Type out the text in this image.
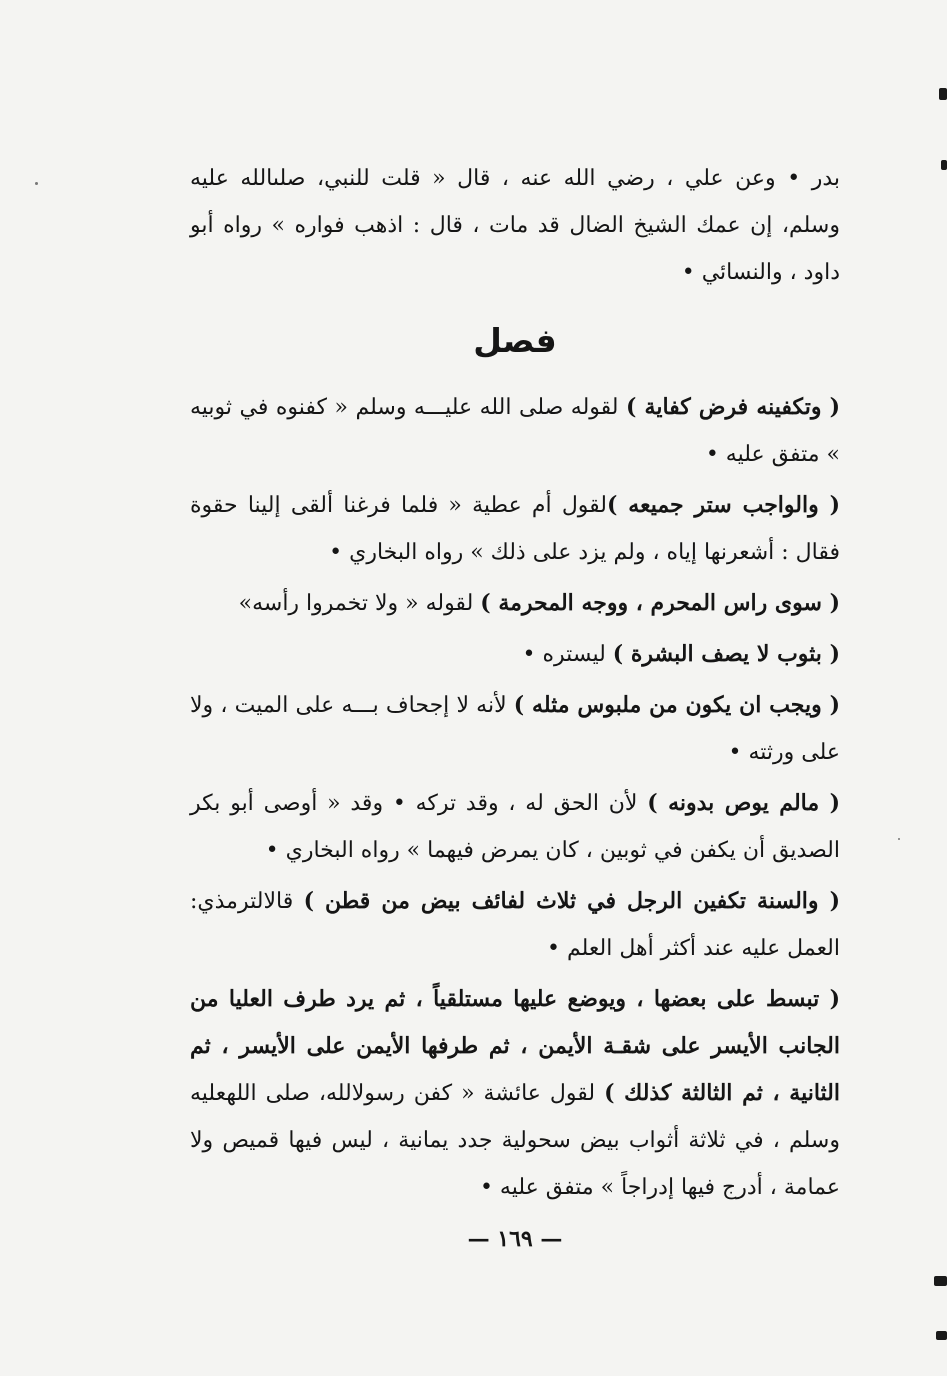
بدر • وعن علي ، رضي الله عنه ، قال « قلت للنبي، صلىالله عليه وسلم، إن عمك الشيخ الضال قد مات ، قال : اذهب فواره » رواه أبو داود ، والنسائي •

فصل

( وتكفينه فرض كفاية ) لقوله صلى الله عليـــه وسلم « كفنوه في ثوبيه » متفق عليه •

( والواجب ستر جميعه )لقول أم عطية « فلما فرغنا ألقى إلينا حقوة فقال : أشعرنها إياه ، ولم يزد على ذلك » رواه البخاري •

( سوى راس المحرم ، ووجه المحرمة ) لقوله « ولا تخمروا رأسه»

( بثوب لا يصف البشرة ) ليستره •

( ويجب ان يكون من ملبوس مثله ) لأنه لا إجحاف بـــه على الميت ، ولا على ورثته •

( مالم يوص بدونه ) لأن الحق له ، وقد تركه • وقد « أوصى أبو بكر الصديق أن يكفن في ثوبين ، كان يمرض فيهما » رواه البخاري •

( والسنة تكفين الرجل في ثلاث لفائف بيض من قطن ) قالالترمذي: العمل عليه عند أكثر أهل العلم •

( تبسط على بعضها ، ويوضع عليها مستلقياً ، ثم يرد طرف العليا من الجانب الأيسر على شقـة الأيمن ، ثم طرفها الأيمن على الأيسر ، ثم الثانية ، ثم الثالثة كذلك ) لقول عائشة « كفن رسولالله، صلى اللهعليه وسلم ، في ثلاثة أثواب بيض سحولية جدد يمانية ، ليس فيها قميص ولا عمامة ، أدرج فيها إدراجاً » متفق عليه •

— ١٦٩ —
